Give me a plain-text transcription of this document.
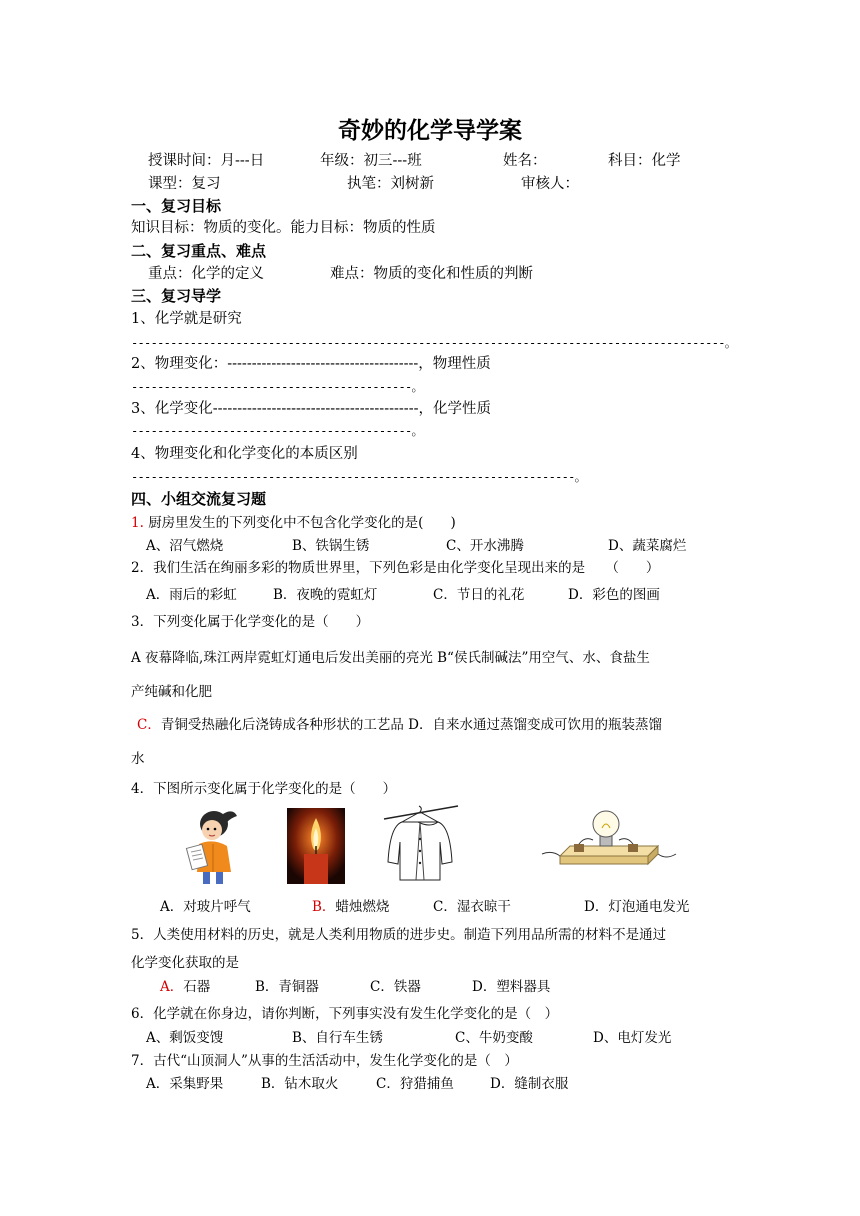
奇妙的化学导学案
授课时间：月---日	年级：初三---班	姓名：	科目：化学
课型：复习	执笔：刘树新	审核人：
一、复习目标
知识目标：物质的变化。能力目标：物质的性质
二、复习重点、难点
重点：化学的定义	难点：物质的变化和性质的判断
三、复习导学
1、化学就是研究
-------------------------------------------------------------------------------------------。
2、物理变化：---------------------------------------，物理性质
-------------------------------------------。
3、化学变化------------------------------------------，化学性质
-------------------------------------------。
4、物理变化和化学变化的本质区别
--------------------------------------------------------------------。
四、小组交流复习题
1. 厨房里发生的下列变化中不包含化学变化的是(　　)
A、沼气燃烧	B、铁锅生锈	C、开水沸腾	D、蔬菜腐烂
2．我们生活在绚丽多彩的物质世界里，下列色彩是由化学变化呈现出来的是　　（　　）
A．雨后的彩虹	B．夜晚的霓虹灯	C．节日的礼花	D．彩色的图画
3．下列变化属于化学变化的是（　　）
A 夜幕降临,珠江两岸霓虹灯通电后发出美丽的亮光 B“侯氏制碱法”用空气、水、食盐生
产纯碱和化肥
C．青铜受热融化后浇铸成各种形状的工艺品 D．自来水通过蒸馏变成可饮用的瓶装蒸馏
水
4．下图所示变化属于化学变化的是（　　）
A．对玻片呼气	B．蜡烛燃烧	C．湿衣晾干	D．灯泡通电发光
5．人类使用材料的历史，就是人类利用物质的进步史。制造下列用品所需的材料不是通过
化学变化获取的是
A．石器	B．青铜器	C．铁器	D．塑料器具
6．化学就在你身边，请你判断，下列事实没有发生化学变化的是（　）
A、剩饭变馊	B、自行车生锈	C、牛奶变酸	D、电灯发光
7．古代“山顶洞人”从事的生活活动中，发生化学变化的是（　）
A．采集野果	B．钻木取火	C．狩猎捕鱼	D．缝制衣服
